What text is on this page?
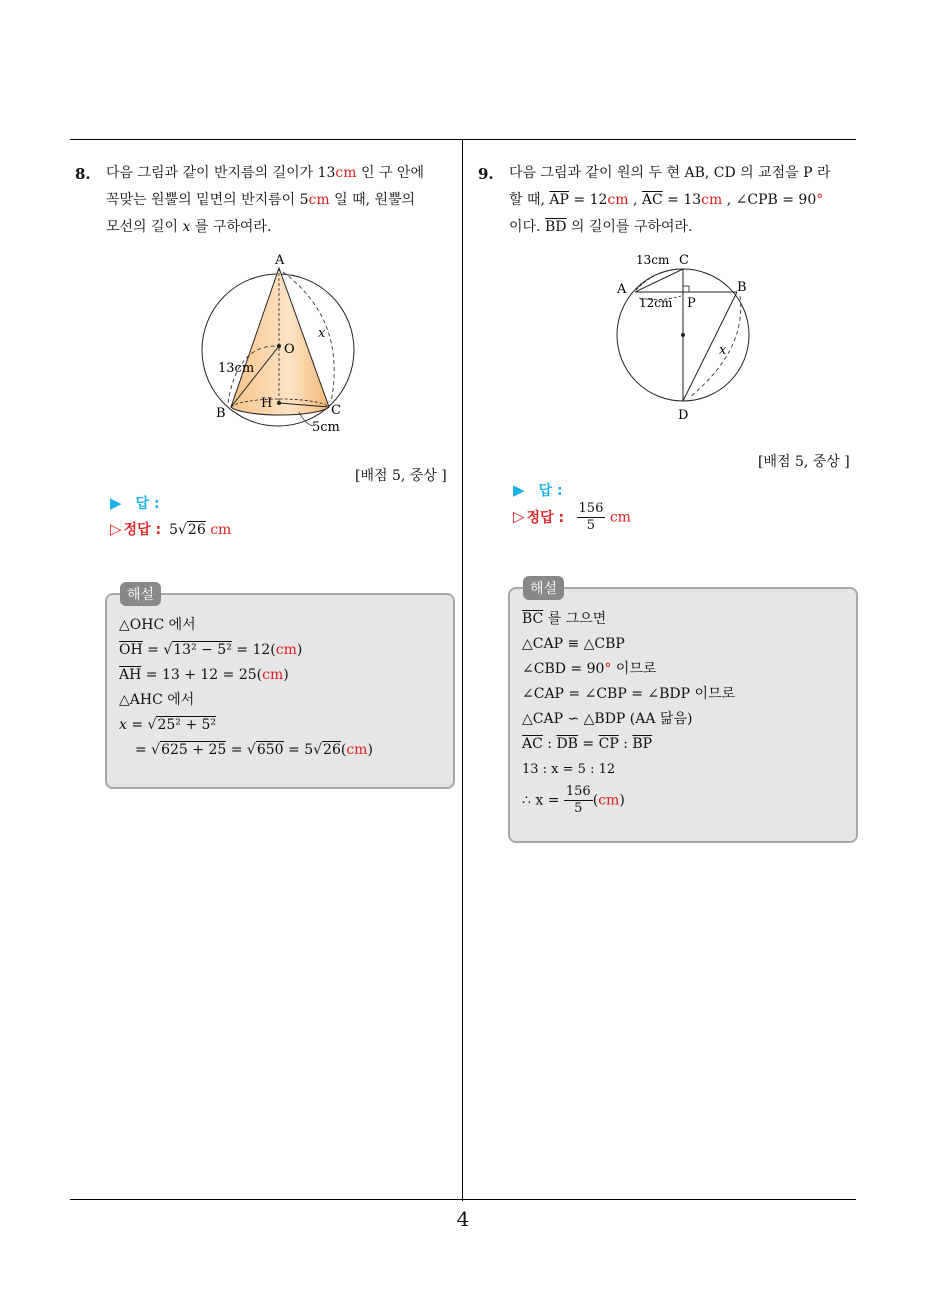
8. 다음 그림과 같이 반지름의 길이가 13cm 인 구 안에

꼭맞는 원뿔의 밑면의 반지름이 5cm 일 때, 원뿔의

모선의 길이 x 를 구하여라.

A
O
x
13cm
B
H	C
5cm
[배점 5, 중상 ]
▶ 답 :
▷ 정답 : 5√26 cm
△OHC 에서
$\overline{OH} = √13^2 - 5^2 = 12(cm)$
$\overline{AH} = 13 + 12 = 25(cm)$
△AHC 에서
x = √25² + 5²
= √625 + 25 = √650 = 5√26(cm)
해설
9. 다음 그림과 같이 원의 두 현 AB, CD 의 교점을 P 라

할 때, $\overline{AP} = 12cm$ , $\overline{AC} = 13cm$ , ∠CPB = 90°

이다. $\overline{BD}$ 의 길이를 구하여라.

13cm C
A	B
12cm P
x
D
[배점 5, 중상 ]
▶ 답 :
▷ 정답 : $\frac{156}{5}$ cm
$\overline{BC}$ 를 그으면
△CAP ≡ △CBP
∠CBD = 90° 이므로
∠CAP = ∠CBP = ∠BDP 이므로
△CAP ∽ △BDP (AA 닮음)
$\overline{AC}$ : $\overline{DB} = \overline{CP}$ : $\overline{BP}$
13 : x = 5 : 12
∴ $x = \frac{156}{5} (cm)$
해설
4
